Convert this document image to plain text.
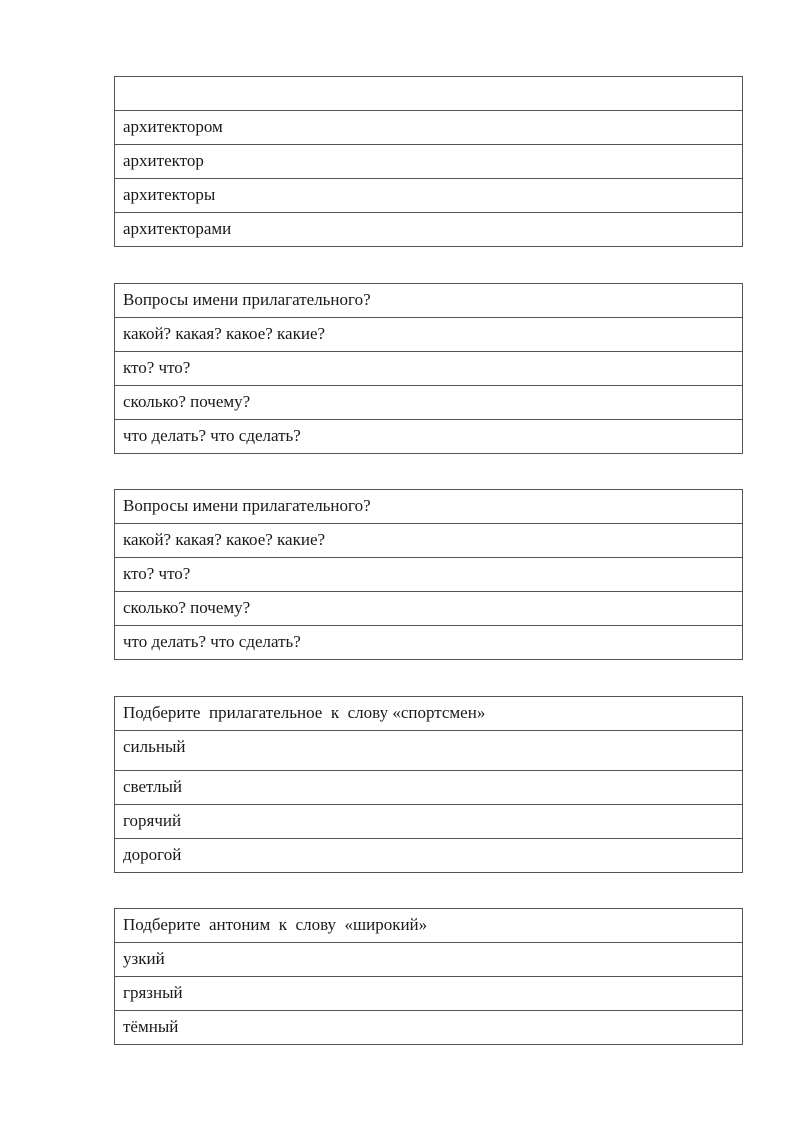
архитектором
архитектор
архитекторы
архитекторами
Вопросы имени прилагательного?
какой? какая? какое? какие?
кто? что?
сколько? почему?
что делать? что сделать?
Вопросы имени прилагательного?
какой? какая? какое? какие?
кто? что?
сколько? почему?
что делать? что сделать?
Подберите  прилагательное  к  слову «спортсмен»
сильный
светлый
горячий
дорогой
Подберите  антоним  к  слову  «широкий»
узкий
грязный
тёмный
